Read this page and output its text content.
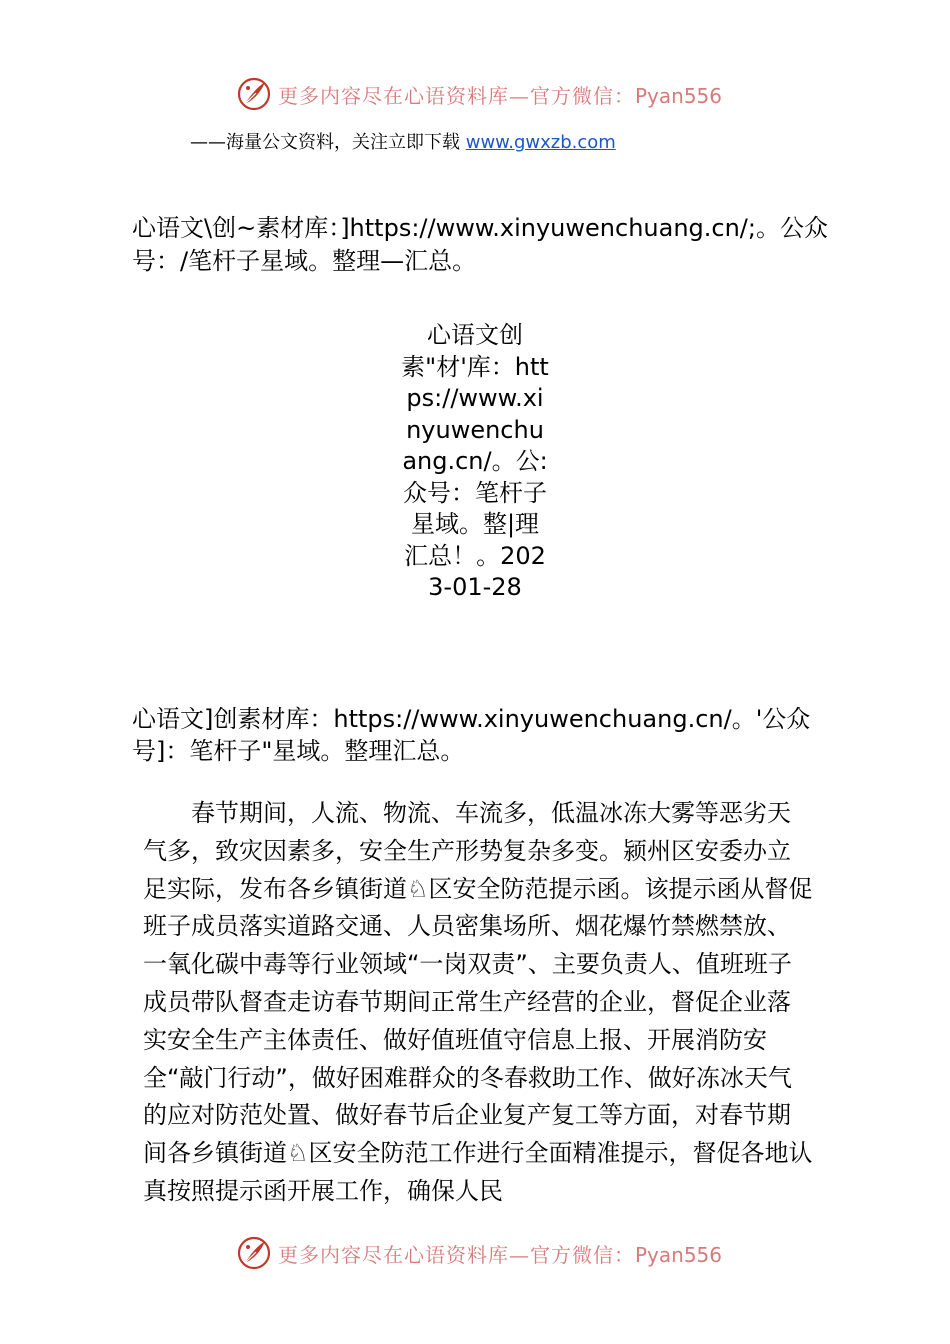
更多内容尽在心语资料库—官方微信：Pyan556
——海量公文资料，关注立即下载 www.gwxzb.com
心语文\创~素材库：]https://www.xinyuwenchuang.cn/;。公众号：/笔杆子星域。整理—汇总。
心语文创素"材'库：https://www.xinyuwenchuang.cn/。公:众号：笔杆子星域。整|理汇总！。2023-01-28
心语文]创素材库：https://www.xinyuwenchuang.cn/。'公众号]：笔杆子"星域。整理汇总。
春节期间，人流、物流、车流多，低温冰冻大雾等恶劣天气多，致灾因素多，安全生产形势复杂多变。颍州区安委办立足实际，发布各乡镇街道♘区安全防范提示函。该提示函从督促班子成员落实道路交通、人员密集场所、烟花爆竹禁燃禁放、一氧化碳中毒等行业领域“一岗双责”、主要负责人、值班班子成员带队督查走访春节期间正常生产经营的企业，督促企业落实安全生产主体责任、做好值班值守信息上报、开展消防安全“敲门行动”，做好困难群众的冬春救助工作、做好冻冰天气的应对防范处置、做好春节后企业复产复工等方面，对春节期间各乡镇街道♘区安全防范工作进行全面精准提示，督促各地认真按照提示函开展工作，确保人民
更多内容尽在心语资料库—官方微信：Pyan556
